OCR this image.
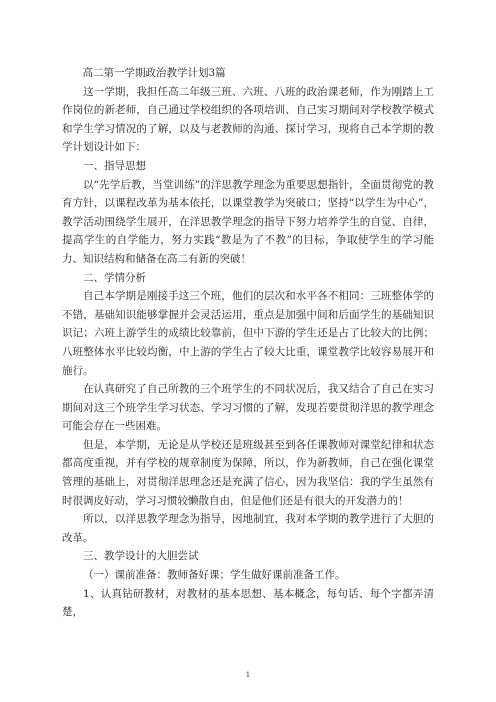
高二第一学期政治教学计划3篇

这一学期，我担任高二年级三班、六班、八班的政治课老师，作为刚踏上工作岗位的新老师，自己通过学校组织的各项培训、自己实习期间对学校教学模式和学生学习情况的了解，以及与老教师的沟通、探讨学习，现将自己本学期的教学计划设计如下：

一、指导思想

以“先学后教，当堂训练”的洋思教学理念为重要思想指针，全面贯彻党的教育方针，以课程改革为基本依托，以课堂教学为突破口；坚持“以学生为中心”，教学活动围绕学生展开，在洋思教学理念的指导下努力培养学生的自觉、自律，提高学生的自学能力，努力实践“教是为了不教”的目标，争取使学生的学习能力、知识结构和储备在高二有新的突破！

二、学情分析

自己本学期是刚接手这三个班，他们的层次和水平各不相同：三班整体学的不错，基础知识能够掌握并会灵活运用，重点是加强中间和后面学生的基础知识识记；六班上游学生的成绩比较靠前，但中下游的学生还是占了比较大的比例；八班整体水平比较均衡，中上游的学生占了较大比重，课堂教学比较容易展开和施行。

在认真研究了自己所教的三个班学生的不同状况后，我又结合了自己在实习期间对这三个班学生学习状态、学习习惯的了解，发现若要贯彻洋思的教学理念可能会存在一些困难。

但是，本学期，无论是从学校还是班级甚至到各任课教师对课堂纪律和状态都高度重视，并有学校的规章制度为保障，所以，作为新教师，自己在强化课堂管理的基础上，对贯彻洋思理念还是充满了信心，因为我坚信：我的学生虽然有时很调皮好动，学习习惯较懒散自由，但是他们还是有很大的开发潜力的！

所以，以洋思教学理念为指导，因地制宜，我对本学期的教学进行了大胆的改革。

三、教学设计的大胆尝试

（一）课前准备：教师备好课；学生做好课前准备工作。

1、认真钻研教材，对教材的基本思想、基本概念，每句话、每个字都弄清楚，

1
